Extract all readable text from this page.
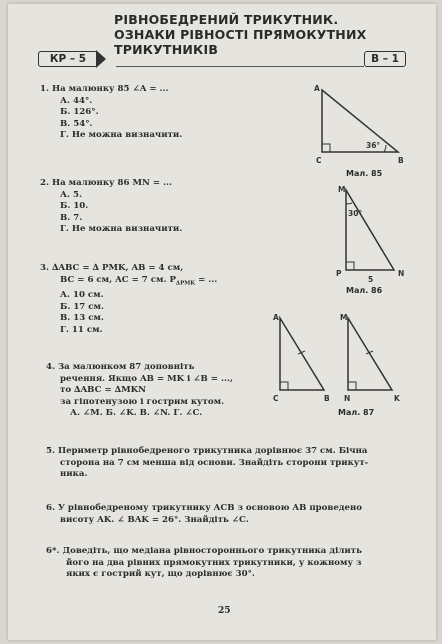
РІВНОБЕДРЕНИЙ ТРИКУТНИК.
ОЗНАКИ РІВНОСТІ ПРЯМОКУТНИХ
ТРИКУТНИКІВ
КР – 5	В – 1
1. На малюнку 85 ∠A = ...
А. 44°.
Б. 126°.
В. 54°.
Г. Не можна визначити.
A
C	B
36°
Мал. 85
2. На малюнку 86 MN = ...
А. 5.
Б. 10.
В. 7.
Г. Не можна визначити.
M
P	N
30°
5
Мал. 86
3. ∆ABC = ∆ PMK, AB = 4 см,
BC = 6 см, AC = 7 см. $P_{\Delta PMK}$ = ...
А. 10 см.
Б. 17 см.
В. 13 см.
Г. 11 см.
A
C	B
M
N	K
Мал. 87
4. За малюнком 87 доповніть
речення. Якщо AB = MK і ∠B = ...,
то ∆ABC = ∆MKN
за гіпотенузою і гострим кутом.
А. ∠M. Б. ∠K. В. ∠N. Г. ∠C.
5. Периметр рівнобедреного трикутника дорівнює 37 см. Бічна
сторона на 7 см менша від основи. Знайдіть сторони трикут-
ника.
6. У рівнобедреному трикутнику ACB з основою AB проведено
висоту AK. ∠ BAK = 26°. Знайдіть ∠C.
6*. Доведіть, що медіана рівностороннього трикутника ділить
його на два рівних прямокутних трикутники, у кожному з
яких є гострий кут, що дорівнює 30°.
25
